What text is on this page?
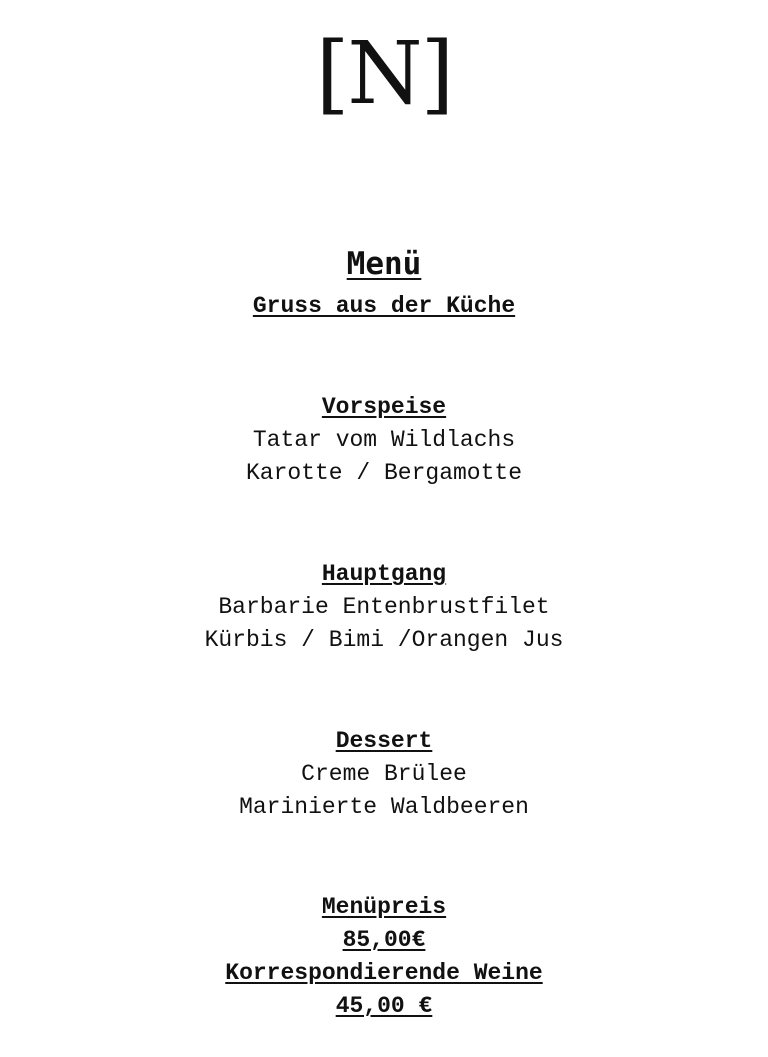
[N]
Menü
Gruss aus der Küche
Vorspeise
Tatar vom Wildlachs
Karotte / Bergamotte
Hauptgang
Barbarie Entenbrustfilet
Kürbis / Bimi /Orangen Jus
Dessert
Creme Brülee
Marinierte Waldbeeren
Menüpreis
85,00€
Korrespondierende Weine
45,00 €
